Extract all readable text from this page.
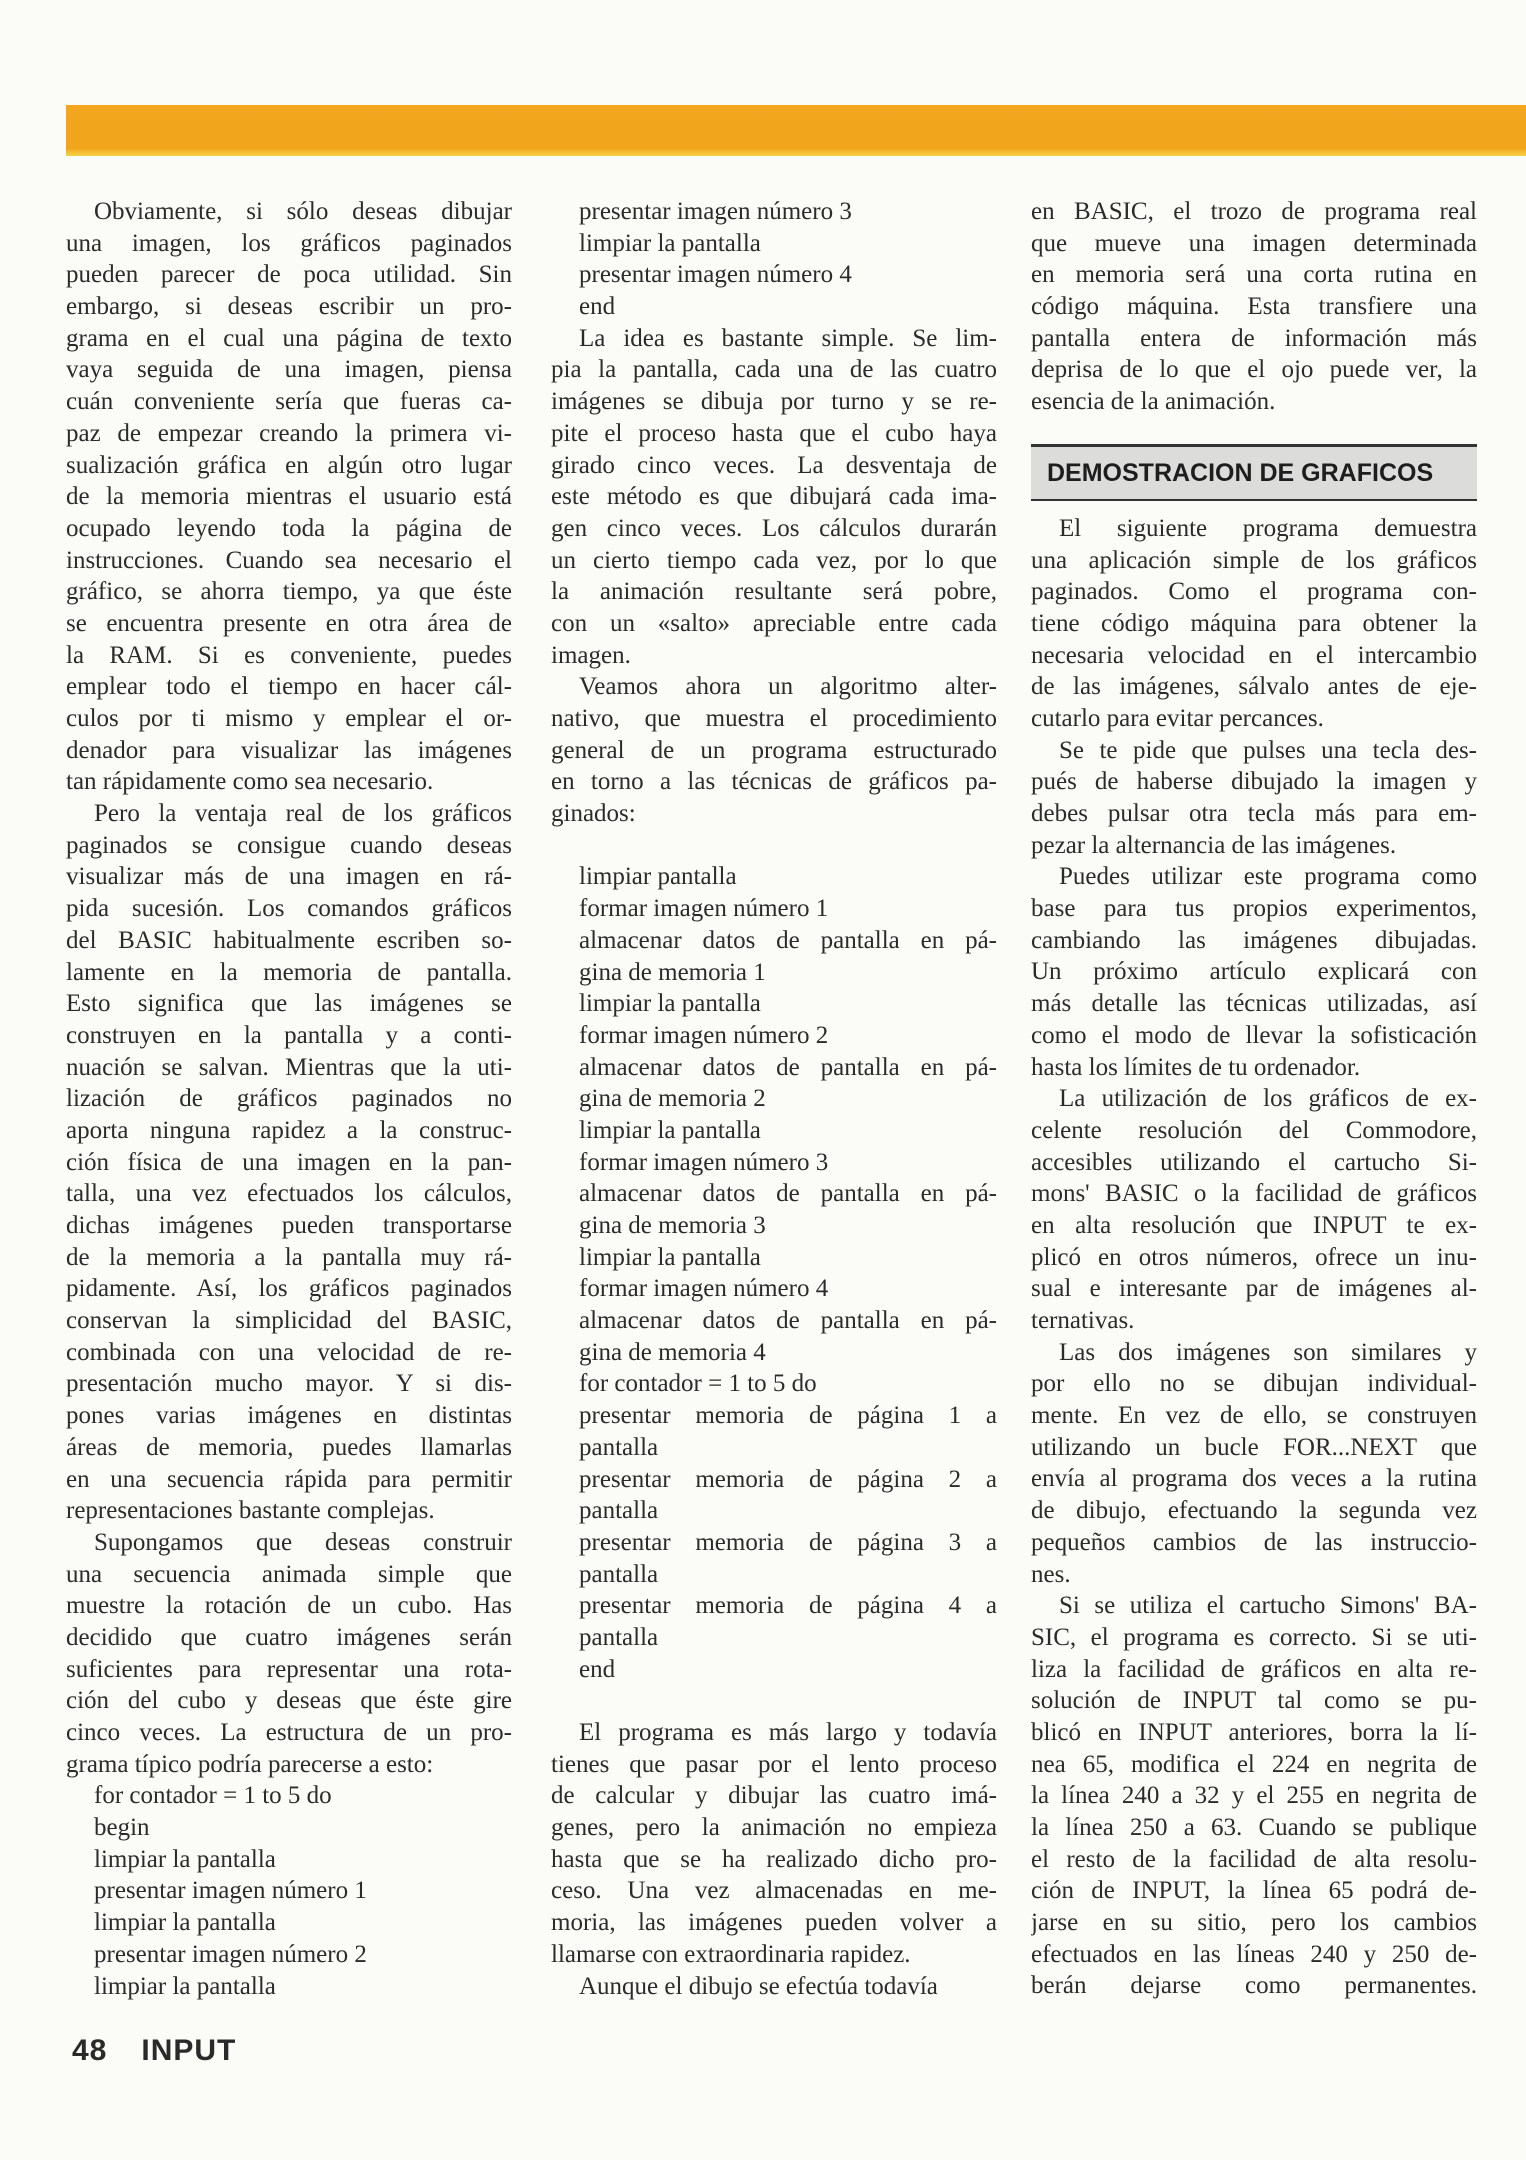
Obviamente, si sólo deseas dibujar
una imagen, los gráficos paginados
pueden parecer de poca utilidad. Sin
embargo, si deseas escribir un pro-
grama en el cual una página de texto
vaya seguida de una imagen, piensa
cuán conveniente sería que fueras ca-
paz de empezar creando la primera vi-
sualización gráfica en algún otro lugar
de la memoria mientras el usuario está
ocupado leyendo toda la página de
instrucciones. Cuando sea necesario el
gráfico, se ahorra tiempo, ya que éste
se encuentra presente en otra área de
la RAM. Si es conveniente, puedes
emplear todo el tiempo en hacer cál-
culos por ti mismo y emplear el or-
denador para visualizar las imágenes
tan rápidamente como sea necesario.
Pero la ventaja real de los gráficos
paginados se consigue cuando deseas
visualizar más de una imagen en rá-
pida sucesión. Los comandos gráficos
del BASIC habitualmente escriben so-
lamente en la memoria de pantalla.
Esto significa que las imágenes se
construyen en la pantalla y a conti-
nuación se salvan. Mientras que la uti-
lización de gráficos paginados no
aporta ninguna rapidez a la construc-
ción física de una imagen en la pan-
talla, una vez efectuados los cálculos,
dichas imágenes pueden transportarse
de la memoria a la pantalla muy rá-
pidamente. Así, los gráficos paginados
conservan la simplicidad del BASIC,
combinada con una velocidad de re-
presentación mucho mayor. Y si dis-
pones varias imágenes en distintas
áreas de memoria, puedes llamarlas
en una secuencia rápida para permitir
representaciones bastante complejas.
Supongamos que deseas construir
una secuencia animada simple que
muestre la rotación de un cubo. Has
decidido que cuatro imágenes serán
suficientes para representar una rota-
ción del cubo y deseas que éste gire
cinco veces. La estructura de un pro-
grama típico podría parecerse a esto:
for contador = 1 to 5 do
begin
limpiar la pantalla
presentar imagen número 1
limpiar la pantalla
presentar imagen número 2
limpiar la pantalla
presentar imagen número 3
limpiar la pantalla
presentar imagen número 4
end
La idea es bastante simple. Se lim-
pia la pantalla, cada una de las cuatro
imágenes se dibuja por turno y se re-
pite el proceso hasta que el cubo haya
girado cinco veces. La desventaja de
este método es que dibujará cada ima-
gen cinco veces. Los cálculos durarán
un cierto tiempo cada vez, por lo que
la animación resultante será pobre,
con un «salto» apreciable entre cada
imagen.
Veamos ahora un algoritmo alter-
nativo, que muestra el procedimiento
general de un programa estructurado
en torno a las técnicas de gráficos pa-
ginados:
limpiar pantalla
formar imagen número 1
almacenar datos de pantalla en pá-
gina de memoria 1
limpiar la pantalla
formar imagen número 2
almacenar datos de pantalla en pá-
gina de memoria 2
limpiar la pantalla
formar imagen número 3
almacenar datos de pantalla en pá-
gina de memoria 3
limpiar la pantalla
formar imagen número 4
almacenar datos de pantalla en pá-
gina de memoria 4
for contador = 1 to 5 do
presentar memoria de página 1 a
pantalla
presentar memoria de página 2 a
pantalla
presentar memoria de página 3 a
pantalla
presentar memoria de página 4 a
pantalla
end
El programa es más largo y todavía
tienes que pasar por el lento proceso
de calcular y dibujar las cuatro imá-
genes, pero la animación no empieza
hasta que se ha realizado dicho pro-
ceso. Una vez almacenadas en me-
moria, las imágenes pueden volver a
llamarse con extraordinaria rapidez.
Aunque el dibujo se efectúa todavía
en BASIC, el trozo de programa real
que mueve una imagen determinada
en memoria será una corta rutina en
código máquina. Esta transfiere una
pantalla entera de información más
deprisa de lo que el ojo puede ver, la
esencia de la animación.
DEMOSTRACION DE GRAFICOS
El siguiente programa demuestra
una aplicación simple de los gráficos
paginados. Como el programa con-
tiene código máquina para obtener la
necesaria velocidad en el intercambio
de las imágenes, sálvalo antes de eje-
cutarlo para evitar percances.
Se te pide que pulses una tecla des-
pués de haberse dibujado la imagen y
debes pulsar otra tecla más para em-
pezar la alternancia de las imágenes.
Puedes utilizar este programa como
base para tus propios experimentos,
cambiando las imágenes dibujadas.
Un próximo artículo explicará con
más detalle las técnicas utilizadas, así
como el modo de llevar la sofisticación
hasta los límites de tu ordenador.
La utilización de los gráficos de ex-
celente resolución del Commodore,
accesibles utilizando el cartucho Si-
mons' BASIC o la facilidad de gráficos
en alta resolución que INPUT te ex-
plicó en otros números, ofrece un inu-
sual e interesante par de imágenes al-
ternativas.
Las dos imágenes son similares y
por ello no se dibujan individual-
mente. En vez de ello, se construyen
utilizando un bucle FOR...NEXT que
envía al programa dos veces a la rutina
de dibujo, efectuando la segunda vez
pequeños cambios de las instruccio-
nes.
Si se utiliza el cartucho Simons' BA-
SIC, el programa es correcto. Si se uti-
liza la facilidad de gráficos en alta re-
solución de INPUT tal como se pu-
blicó en INPUT anteriores, borra la lí-
nea 65, modifica el 224 en negrita de
la línea 240 a 32 y el 255 en negrita de
la línea 250 a 63. Cuando se publique
el resto de la facilidad de alta resolu-
ción de INPUT, la línea 65 podrá de-
jarse en su sitio, pero los cambios
efectuados en las líneas 240 y 250 de-
berán dejarse como permanentes.
48 INPUT
